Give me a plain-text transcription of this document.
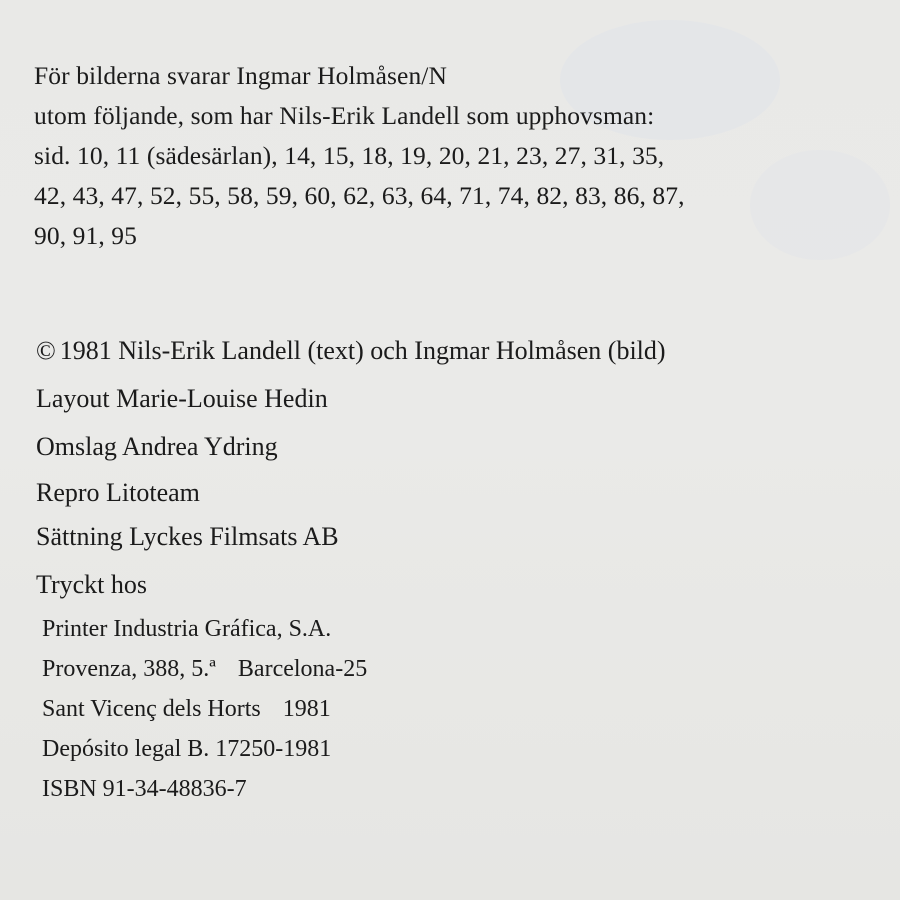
För bilderna svarar Ingmar Holmåsen/N
utom följande, som har Nils-Erik Landell som upphovsman:
sid. 10, 11 (sädesärlan), 14, 15, 18, 19, 20, 21, 23, 27, 31, 35,
42, 43, 47, 52, 55, 58, 59, 60, 62, 63, 64, 71, 74, 82, 83, 86, 87,
90, 91, 95
© 1981 Nils-Erik Landell (text) och Ingmar Holmåsen (bild)
Layout Marie-Louise Hedin
Omslag Andrea Ydring
Repro Litoteam
Sättning Lyckes Filmsats AB
Tryckt hos
Printer Industria Gráfica, S.A.
Provenza, 388, 5.ª Barcelona-25
Sant Vicenç dels Horts 1981
Depósito legal B. 17250-1981
ISBN 91-34-48836-7
